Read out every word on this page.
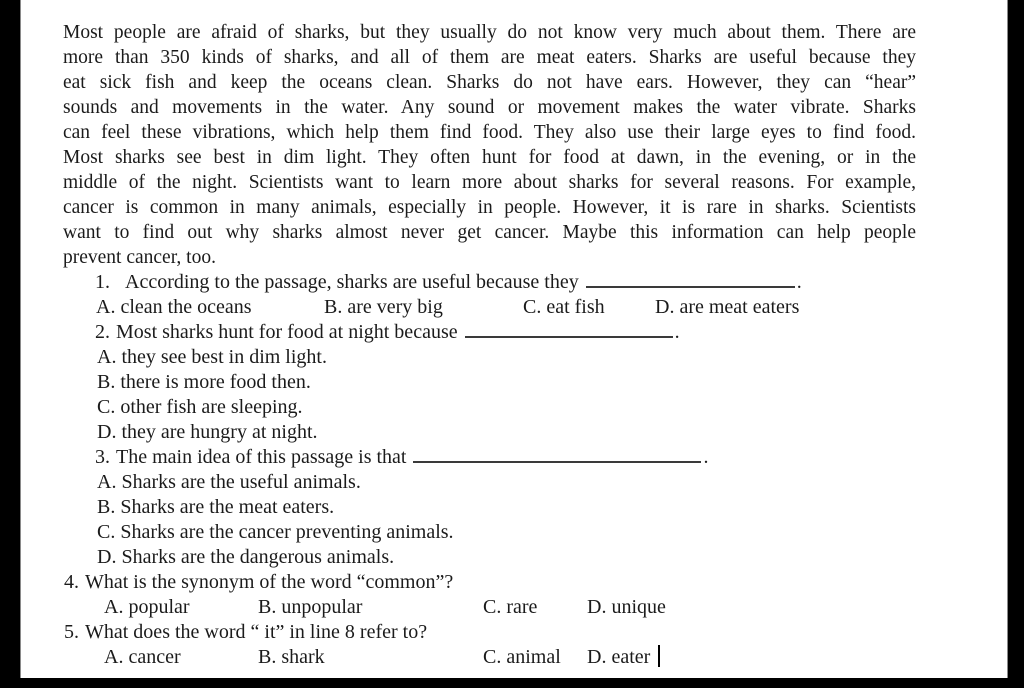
Most people are afraid of sharks, but they usually do not know very much about them. There are
more than 350 kinds of sharks, and all of them are meat eaters. Sharks are useful because they
eat sick fish and keep the oceans clean. Sharks do not have ears. However, they can “hear”
sounds and movements in the water. Any sound or movement makes the water vibrate. Sharks
can feel these vibrations, which help them find food. They also use their large eyes to find food.
Most sharks see best in dim light. They often hunt for food at dawn, in the evening, or in the
middle of the night. Scientists want to learn more about sharks for several reasons. For example,
cancer is common in many animals, especially in people. However, it is rare in sharks. Scientists
want to find out why sharks almost never get cancer. Maybe this information can help people
prevent cancer, too.
1. According to the passage, sharks are useful because they	.
A. clean the oceans	B. are very big	C. eat fish	D. are meat eaters
2. Most sharks hunt for food at night because	.
A. they see best in dim light.
B. there is more food then.
C. other fish are sleeping.
D. they are hungry at night.
3. The main idea of this passage is that	.
A. Sharks are the useful animals.
B. Sharks are the meat eaters.
C. Sharks are the cancer preventing animals.
D. Sharks are the dangerous animals.
4. What is the synonym of the word “common”?
A. popular	B. unpopular	C. rare D. unique
5. What does the word “ it” in line 8 refer to?
A. cancer	B. shark	C. animal D. eater
